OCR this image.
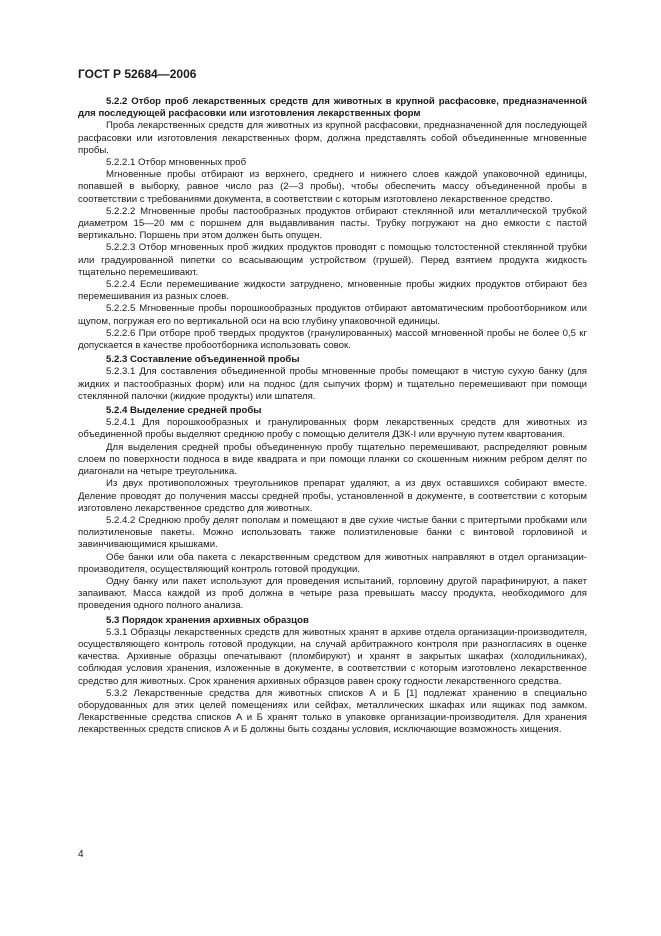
ГОСТ Р 52684—2006

5.2.2 Отбор проб лекарственных средств для животных в крупной расфасовке, предназначенной для последующей расфасовки или изготовления лекарственных форм

Проба лекарственных средств для животных из крупной расфасовки, предназначенной для последующей расфасовки или изготовления лекарственных форм, должна представлять собой объединенные мгновенные пробы.

5.2.2.1 Отбор мгновенных проб

Мгновенные пробы отбирают из верхнего, среднего и нижнего слоев каждой упаковочной единицы, попавшей в выборку, равное число раз (2—3 пробы), чтобы обеспечить массу объединенной пробы в соответствии с требованиями документа, в соответствии с которым изготовлено лекарственное средство.

5.2.2.2 Мгновенные пробы пастообразных продуктов отбирают стеклянной или металлической трубкой диаметром 15—20 мм с поршнем для выдавливания пасты. Трубку погружают на дно емкости с пастой вертикально. Поршень при этом должен быть опущен.

5.2.2.3 Отбор мгновенных проб жидких продуктов проводят с помощью толстостенной стеклянной трубки или градуированной пипетки со всасывающим устройством (грушей). Перед взятием продукта жидкость тщательно перемешивают.

5.2.2.4 Если перемешивание жидкости затруднено, мгновенные пробы жидких продуктов отбирают без перемешивания из разных слоев.

5.2.2.5 Мгновенные пробы порошкообразных продуктов отбирают автоматическим пробоотборником или щупом, погружая его по вертикальной оси на всю глубину упаковочной единицы.

5.2.2.6 При отборе проб твердых продуктов (гранулированных) массой мгновенной пробы не более 0,5 кг допускается в качестве пробоотборника использовать совок.

5.2.3 Составление объединенной пробы

5.2.3.1 Для составления объединенной пробы мгновенные пробы помещают в чистую сухую банку (для жидких и пастообразных форм) или на поднос (для сыпучих форм) и тщательно перемешивают при помощи стеклянной палочки (жидкие продукты) или шпателя.

5.2.4 Выделение средней пробы

5.2.4.1 Для порошкообразных и гранулированных форм лекарственных средств для животных из объединенной пробы выделяют среднюю пробу с помощью делителя ДЗК-I или вручную путем квартования.

Для выделения средней пробы объединенную пробу тщательно перемешивают, распределяют ровным слоем по поверхности подноса в виде квадрата и при помощи планки со скошенным нижним ребром делят по диагонали на четыре треугольника.

Из двух противоположных треугольников препарат удаляют, а из двух оставшихся собирают вместе. Деление проводят до получения массы средней пробы, установленной в документе, в соответствии с которым изготовлено лекарственное средство для животных.

5.2.4.2 Среднюю пробу делят пополам и помещают в две сухие чистые банки с притертыми пробками или полиэтиленовые пакеты. Можно использовать также полиэтиленовые банки с винтовой горловиной и завинчивающимися крышками.

Обе банки или оба пакета с лекарственным средством для животных направляют в отдел организации-производителя, осуществляющий контроль готовой продукции.

Одну банку или пакет используют для проведения испытаний, горловину другой парафинируют, а пакет запаивают. Масса каждой из проб должна в четыре раза превышать массу продукта, необходимого для проведения одного полного анализа.

5.3 Порядок хранения архивных образцов

5.3.1 Образцы лекарственных средств для животных хранят в архиве отдела организации-производителя, осуществляющего контроль готовой продукции, на случай арбитражного контроля при разногласиях в оценке качества. Архивные образцы опечатывают (пломбируют) и хранят в закрытых шкафах (холодильниках), соблюдая условия хранения, изложенные в документе, в соответствии с которым изготовлено лекарственное средство для животных. Срок хранения архивных образцов равен сроку годности лекарственного средства.

5.3.2 Лекарственные средства для животных списков А и Б [1] подлежат хранению в специально оборудованных для этих целей помещениях или сейфах, металлических шкафах или ящиках под замком. Лекарственные средства списков А и Б хранят только в упаковке организации-производителя. Для хранения лекарственных средств списков А и Б должны быть созданы условия, исключающие возможность хищения.

4
